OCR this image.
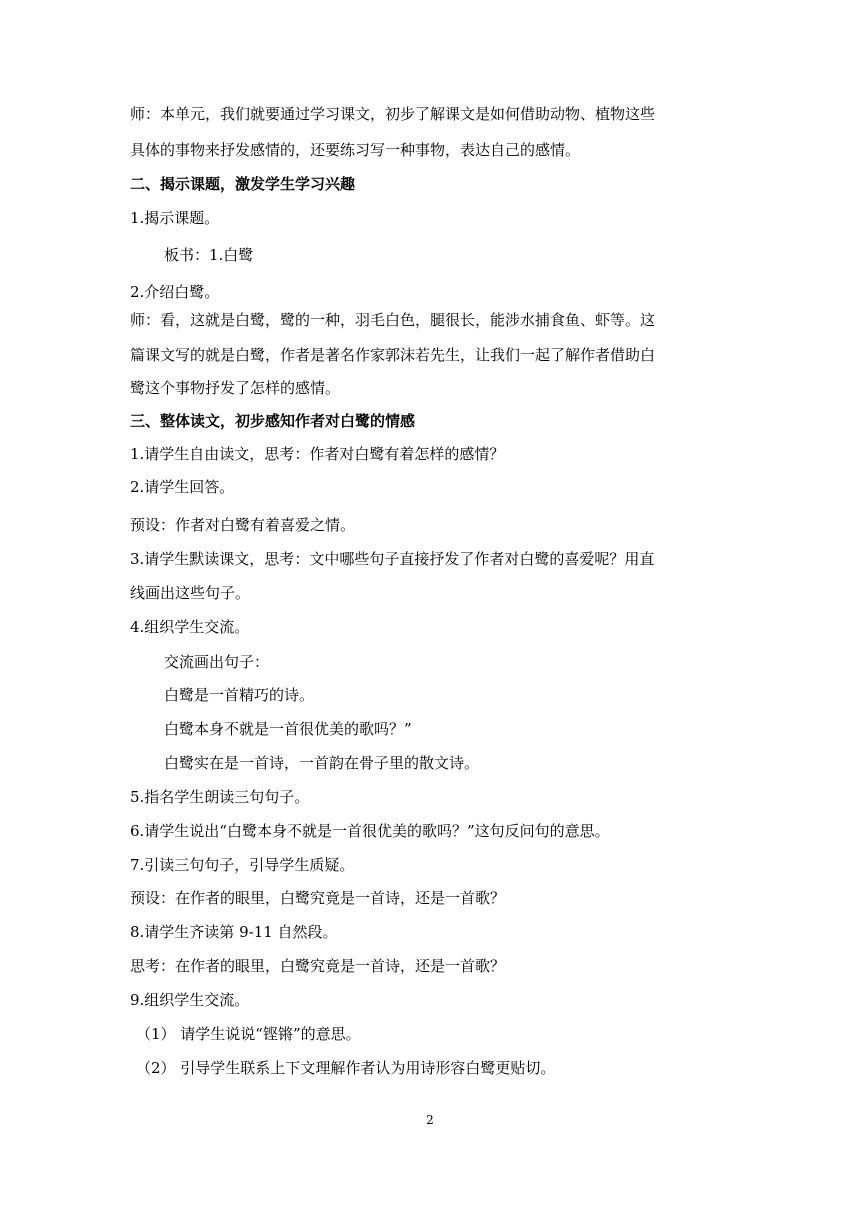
师：本单元，我们就要通过学习课文，初步了解课文是如何借助动物、植物这些
具体的事物来抒发感情的，还要练习写一种事物，表达自己的感情。
二、揭示课题，激发学生学习兴趣
1.揭示课题。
板书：1.白鹭
2.介绍白鹭。
师：看，这就是白鹭，鹭的一种，羽毛白色，腿很长，能涉水捕食鱼、虾等。这
篇课文写的就是白鹭，作者是著名作家郭沫若先生，让我们一起了解作者借助白
鹭这个事物抒发了怎样的感情。
三、整体读文，初步感知作者对白鹭的情感
1.请学生自由读文，思考：作者对白鹭有着怎样的感情？
2.请学生回答。
预设：作者对白鹭有着喜爱之情。
3.请学生默读课文，思考：文中哪些句子直接抒发了作者对白鹭的喜爱呢？用直
线画出这些句子。
4.组织学生交流。
交流画出句子：
白鹭是一首精巧的诗。
白鹭本身不就是一首很优美的歌吗？”
白鹭实在是一首诗，一首韵在骨子里的散文诗。
5.指名学生朗读三句句子。
6.请学生说出“白鹭本身不就是一首很优美的歌吗？”这句反问句的意思。
7.引读三句句子，引导学生质疑。
预设：在作者的眼里，白鹭究竟是一首诗，还是一首歌？
8.请学生齐读第 9-11 自然段。
思考：在作者的眼里，白鹭究竟是一首诗，还是一首歌？
9.组织学生交流。
（1） 请学生说说“铿锵”的意思。
（2） 引导学生联系上下文理解作者认为用诗形容白鹭更贴切。
2
